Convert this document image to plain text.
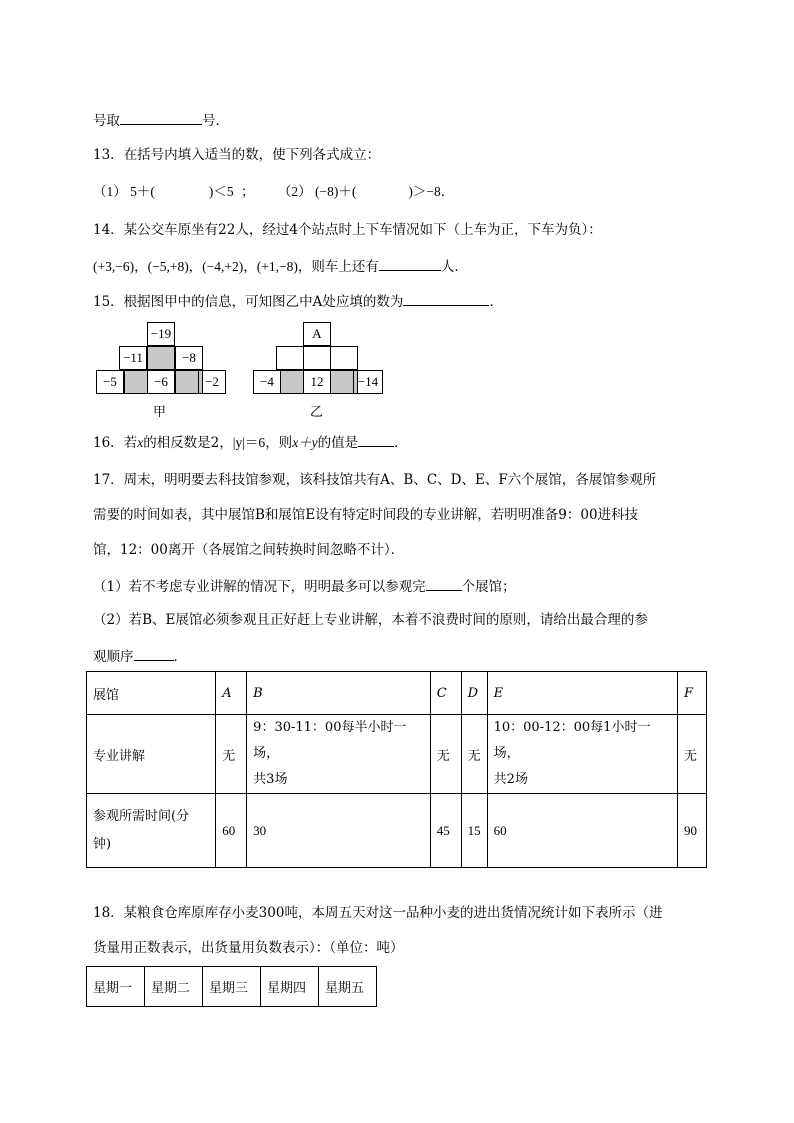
号取	号．
13．在括号内填入适当的数，使下列各式成立：
（1） 5＋(	)＜5 ； （2） (−8)＋(	)＞−8．
14．某公交车原坐有22人，经过4个站点时上下车情况如下（上车为正，下车为负）：
(+3,−6)，(−5,+8)，(−4,+2)，(+1,−8)，则车上还有	人．
15．根据图甲中的信息，可知图乙中A处应填的数为	．
−19
−11	−8
−5	−6	−2
甲
A
−4	12	−14
乙
16．若x的相反数是2，|y|＝6，则x＋y的值是	．
17．周末，明明要去科技馆参观，该科技馆共有A、B、C、D、E、F六个展馆，各展馆参观所
需要的时间如表，其中展馆B和展馆E设有特定时间段的专业讲解，若明明准备9：00进科技
馆，12：00离开（各展馆之间转换时间忽略不计）．
（1）若不考虑专业讲解的情况下，明明最多可以参观完	个展馆；
（2）若B、E展馆必须参观且正好赶上专业讲解，本着不浪费时间的原则，请给出最合理的参
观顺序	．
展馆	A	B	C	D	E	F
专业讲解	无	9：30-11：00每半小时一场，
共3场	无	无	10：00-12：00每1小时一场，
共2场	无
参观所需时间(分
钟)	60	30	45	15	60	90
18．某粮食仓库原库存小麦300吨，本周五天对这一品种小麦的进出货情况统计如下表所示（进
货量用正数表示，出货量用负数表示）：（单位：吨）
星期一	星期二	星期三	星期四	星期五
